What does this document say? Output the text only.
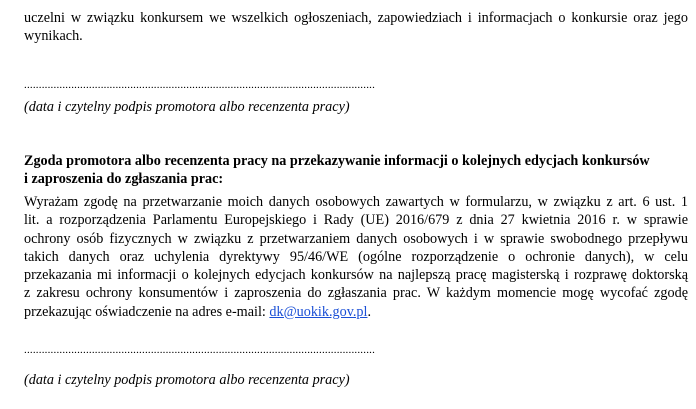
uczelni w związku konkursem we wszelkich ogłoszeniach, zapowiedziach i informacjach o konkursie oraz jego
wynikach.
.......................................................................................................................
(data i czytelny podpis promotora albo recenzenta pracy)
Zgoda promotora albo recenzenta pracy na przekazywanie informacji o kolejnych edycjach konkursów
i zaproszenia do zgłaszania prac:
Wyrażam zgodę na przetwarzanie moich danych osobowych zawartych w formularzu, w związku z art. 6 ust. 1
lit. a rozporządzenia Parlamentu Europejskiego i Rady (UE) 2016/679 z dnia 27 kwietnia 2016 r. w sprawie
ochrony osób fizycznych w związku z przetwarzaniem danych osobowych i w sprawie swobodnego przepływu
takich danych oraz uchylenia dyrektywy 95/46/WE (ogólne rozporządzenie o ochronie danych), w celu
przekazania mi informacji o kolejnych edycjach konkursów na najlepszą pracę magisterską i rozprawę doktorską
z zakresu ochrony konsumentów i zaproszenia do zgłaszania prac. W każdym momencie mogę wycofać zgodę
przekazując oświadczenie na adres e-mail: dk@uokik.gov.pl.
.......................................................................................................................
(data i czytelny podpis promotora albo recenzenta pracy)
